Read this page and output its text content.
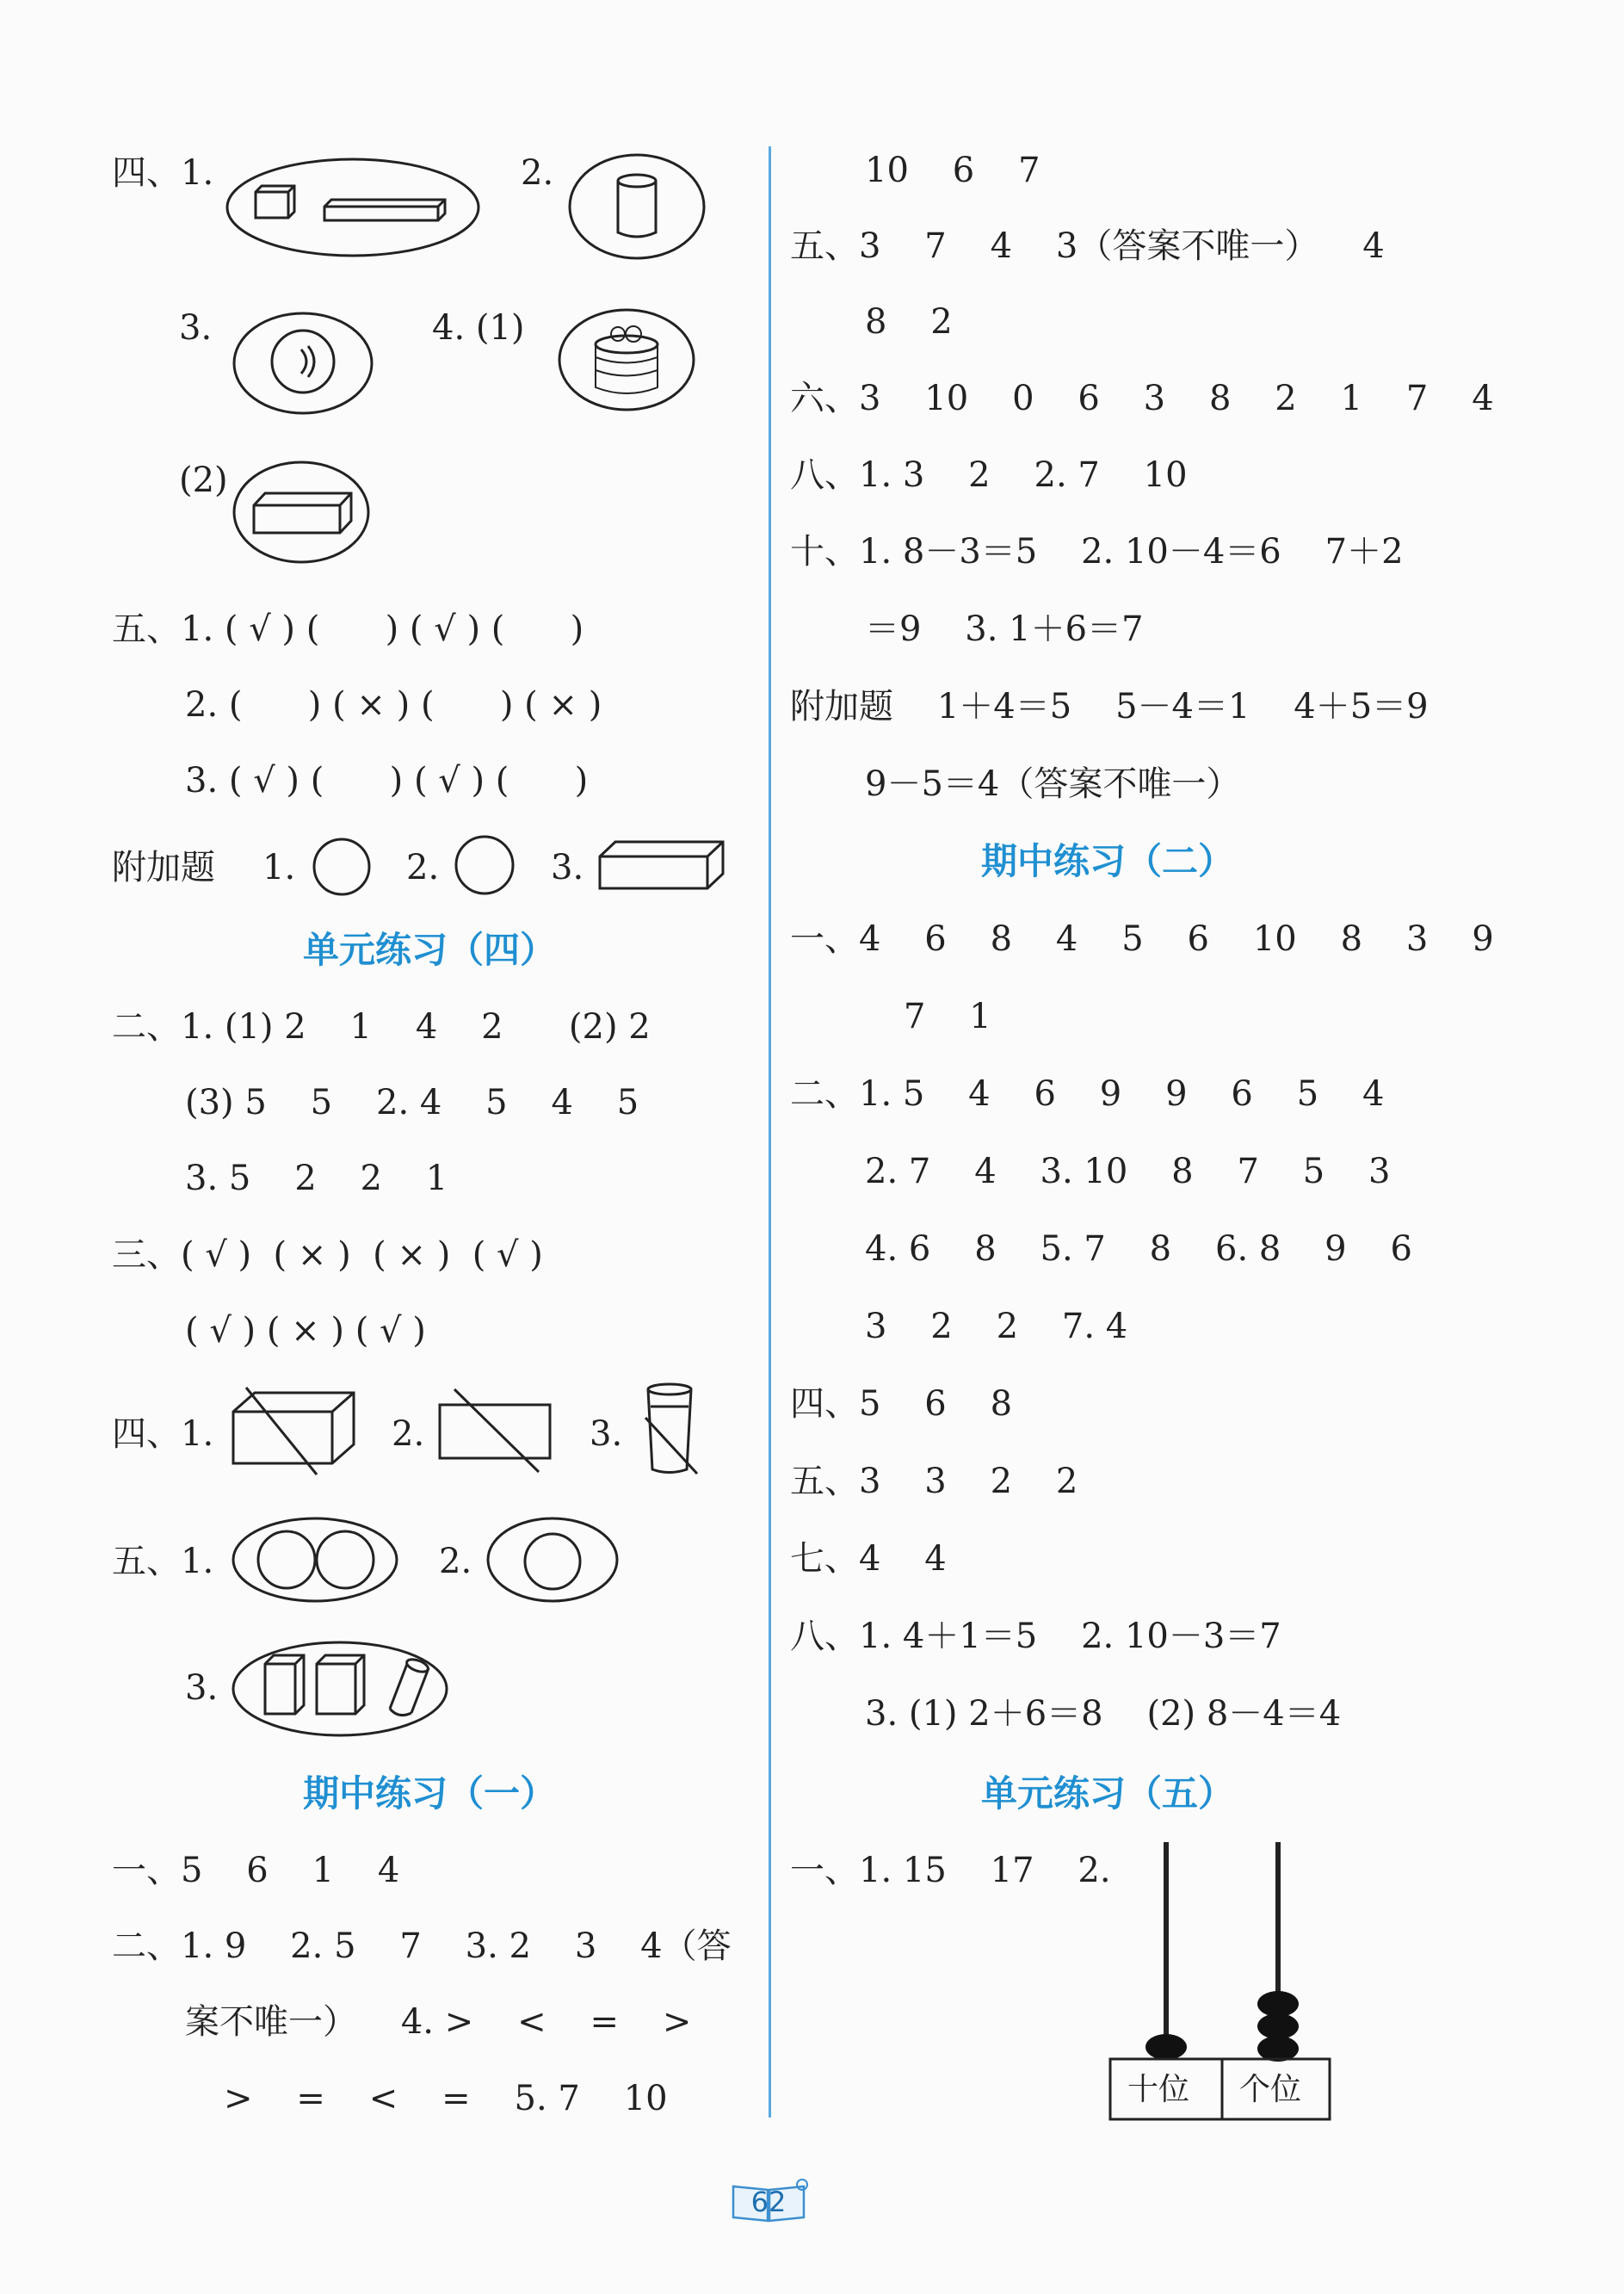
四、1.	2.
3.	4. (1)
(2)
五、1. ( √ ) (      ) ( √ ) (      )
2. (      ) ( × ) (      ) ( × )
3. ( √ ) (      ) ( √ ) (      )
附加题 1.	2.	3.
单元练习（四）
二、1. (1) 2    1    4    2      (2) 2
(3) 5    5    2. 4    5    4    5
3. 5    2    2    1
三、( √ )  ( × )  ( × )  ( √ )
( √ ) ( × ) ( √ )
四、1.	2.	3.
五、1.	2.
3.
期中练习（一）
一、5    6    1    4
二、1. 9    2. 5    7    3. 2    3    4（答
案不唯一）    4. >    <    =    >
>    =    <    =    5. 7    10
10    6    7
五、3    7    4    3（答案不唯一）    4
8    2
六、3    10    0    6    3    8    2    1    7    4
八、1. 3    2    2. 7    10
十、1. 8－3＝5    2. 10－4＝6    7＋2
＝9    3. 1＋6＝7
附加题    1＋4＝5    5－4＝1    4＋5＝9
9－5＝4（答案不唯一）
期中练习（二）
一、4    6    8    4    5    6    10    8    3    9
7    1
二、1. 5    4    6    9    9    6    5    4
2. 7    4    3. 10    8    7    5    3
4. 6    8    5. 7    8    6. 8    9    6
3    2    2    7. 4
四、5    6    8
五、3    3    2    2
七、4    4
八、1. 4＋1＝5    2. 10－3＝7
3. (1) 2＋6＝8    (2) 8－4＝4
单元练习（五）
一、1. 15    17    2.
十位 个位
62
